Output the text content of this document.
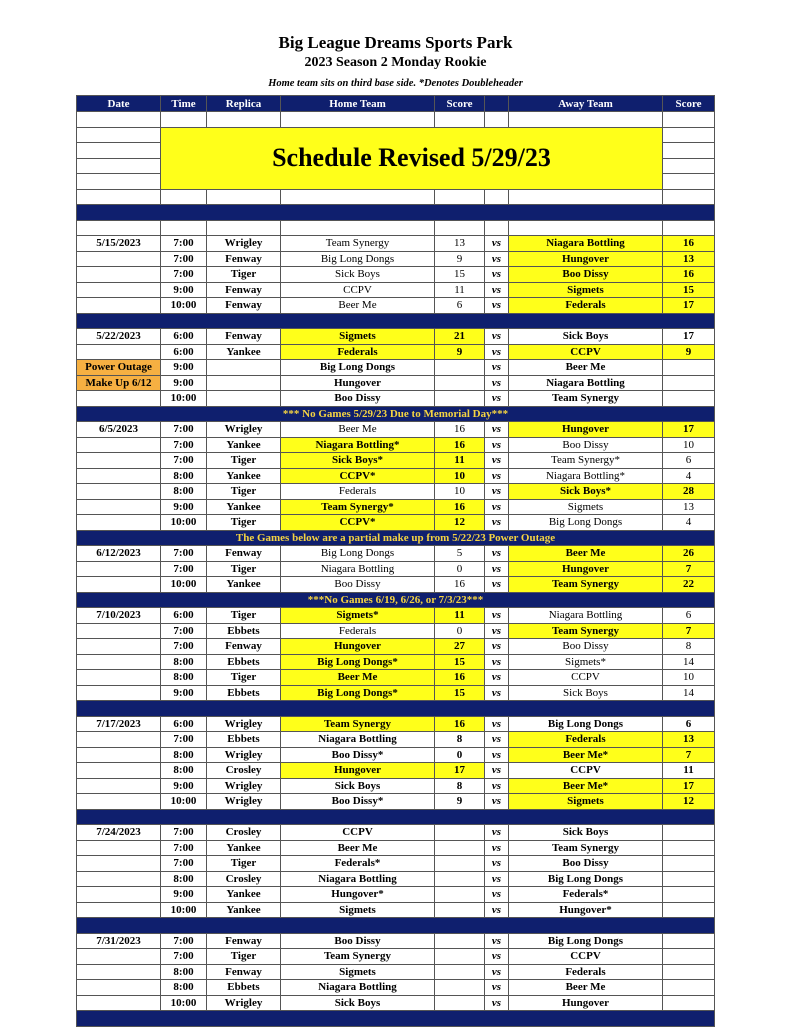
Big League Dreams Sports Park
2023 Season 2 Monday Rookie
Home team sits on third base side. *Denotes Doubleheader
Date	Time	Replica	Home Team	Score		Away Team	Score

	Schedule Revised 5/29/23						

5/15/2023	7:00	Wrigley	Team Synergy	13	vs	Niagara Bottling	16
	7:00	Fenway	Big Long Dongs	9	vs	Hungover	13
	7:00	Tiger	Sick Boys	15	vs	Boo Dissy	16
	9:00	Fenway	CCPV	11	vs	Sigmets	15
	10:00	Fenway	Beer Me	6	vs	Federals	17

5/22/2023	6:00	Fenway	Sigmets	21	vs	Sick Boys	17
	6:00	Yankee	Federals	9	vs	CCPV	9
Power Outage	9:00		Big Long Dongs		vs	Beer Me	
Make Up 6/12	9:00		Hungover		vs	Niagara Bottling	
	10:00		Boo Dissy		vs	Team Synergy	
*** No Games 5/29/23 Due to Memorial Day***							
6/5/2023	7:00	Wrigley	Beer Me	16	vs	Hungover	17
	7:00	Yankee	Niagara Bottling*	16	vs	Boo Dissy	10
	7:00	Tiger	Sick Boys*	11	vs	Team Synergy*	6
	8:00	Yankee	CCPV*	10	vs	Niagara Bottling*	4
	8:00	Tiger	Federals	10	vs	Sick Boys*	28
	9:00	Yankee	Team Synergy*	16	vs	Sigmets	13
	10:00	Tiger	CCPV*	12	vs	Big Long Dongs	4
The Games below are a partial make up from 5/22/23 Power Outage							
6/12/2023	7:00	Fenway	Big Long Dongs	5	vs	Beer Me	26
	7:00	Tiger	Niagara Bottling	0	vs	Hungover	7
	10:00	Yankee	Boo Dissy	16	vs	Team Synergy	22
***No Games 6/19, 6/26, or 7/3/23***							
7/10/2023	6:00	Tiger	Sigmets*	11	vs	Niagara Bottling	6
	7:00	Ebbets	Federals	0	vs	Team Synergy	7
	7:00	Fenway	Hungover	27	vs	Boo Dissy	8
	8:00	Ebbets	Big Long Dongs*	15	vs	Sigmets*	14
	8:00	Tiger	Beer Me	16	vs	CCPV	10
	9:00	Ebbets	Big Long Dongs*	15	vs	Sick Boys	14

7/17/2023	6:00	Wrigley	Team Synergy	16	vs	Big Long Dongs	6
	7:00	Ebbets	Niagara Bottling	8	vs	Federals	13
	8:00	Wrigley	Boo Dissy*	0	vs	Beer Me*	7
	8:00	Crosley	Hungover	17	vs	CCPV	11
	9:00	Wrigley	Sick Boys	8	vs	Beer Me*	17
	10:00	Wrigley	Boo Dissy*	9	vs	Sigmets	12

7/24/2023	7:00	Crosley	CCPV		vs	Sick Boys	
	7:00	Yankee	Beer Me		vs	Team Synergy	
	7:00	Tiger	Federals*		vs	Boo Dissy	
	8:00	Crosley	Niagara Bottling		vs	Big Long Dongs	
	9:00	Yankee	Hungover*		vs	Federals*	
	10:00	Yankee	Sigmets		vs	Hungover*	

7/31/2023	7:00	Fenway	Boo Dissy		vs	Big Long Dongs	
	7:00	Tiger	Team Synergy		vs	CCPV	
	8:00	Fenway	Sigmets		vs	Federals	
	8:00	Ebbets	Niagara Bottling		vs	Beer Me	
	10:00	Wrigley	Sick Boys		vs	Hungover	
